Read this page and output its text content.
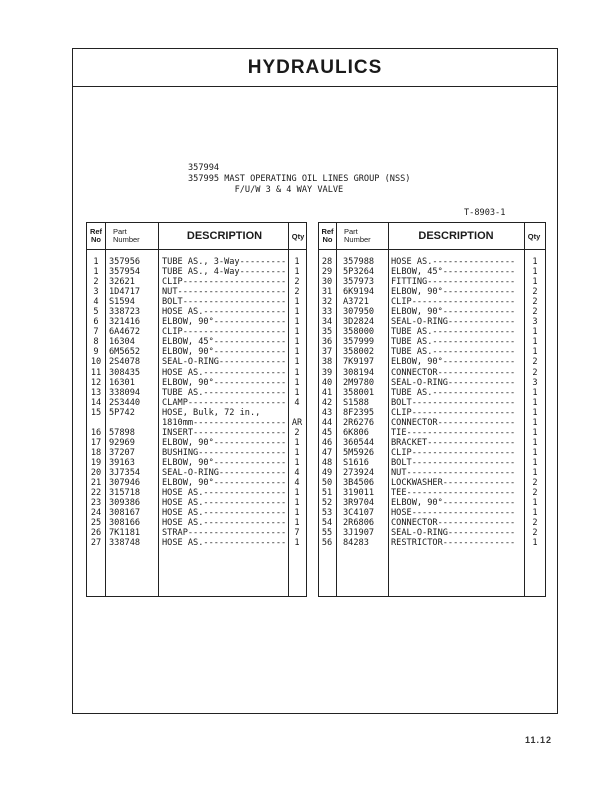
HYDRAULICS
357994
357995 MAST OPERATING OIL LINES GROUP (NSS)
F/U/W 3 & 4 WAY VALVE
T-8903-1
Ref
No
Part
Number	DESCRIPTION	Qty
1	357956	TUBE AS., 3-Way--------- 1
1	357954	TUBE AS., 4-Way--------- 1
2	32621	CLIP-------------------- 2
3	1D4717	NUT--------------------- 2
4	S1594	BOLT-------------------- 1
5	338723	HOSE AS.---------------- 1
6	321416	ELBOW, 90°-------------- 1
7	6A4672	CLIP-------------------- 1
8	16304	ELBOW, 45°-------------- 1
9	6M5652	ELBOW, 90°-------------- 1
10 2S4078	SEAL-O-RING------------- 1
11 308435	HOSE AS.---------------- 1
12 16301	ELBOW, 90°-------------- 1
13 338094	TUBE AS.---------------- 1
14 2S3440	CLAMP------------------- 4
15 5P742	HOSE, Bulk, 72 in.,
1810mm------------------ AR
16 57898	INSERT------------------ 2
17 92969	ELBOW, 90°-------------- 1
18 37207	BUSHING----------------- 1
19 39163	ELBOW, 90°-------------- 1
20 3J7354	SEAL-O-RING------------- 4
21 307946	ELBOW, 90°-------------- 4
22 315718	HOSE AS.---------------- 1
23 309386	HOSE AS.---------------- 1
24 308167	HOSE AS.---------------- 1
25 308166	HOSE AS.---------------- 1
26 7K1181	STRAP------------------- 7
27 338748	HOSE AS.---------------- 1
Ref
No
Part
Number	DESCRIPTION	Qty
28 357988 HOSE AS.----------------	1
29 5P3264 ELBOW, 45°--------------	1
30 357973 FITTING-----------------	1
31 6K9194 ELBOW, 90°--------------	2
32 A3721	CLIP--------------------	2
33 307950 ELBOW, 90°--------------	2
34 3D2824 SEAL-O-RING-------------	3
35 358000 TUBE AS.----------------	1
36 357999 TUBE AS.----------------	1
37 358002 TUBE AS.----------------	1
38 7K9197 ELBOW, 90°--------------	2
39 308194 CONNECTOR---------------	2
40 2M9780 SEAL-O-RING-------------	3
41 358001 TUBE AS.----------------	1
42 S1588	BOLT--------------------	1
43 8F2395 CLIP--------------------	1
44 2R6276 CONNECTOR---------------	1
45 6K806	TIE---------------------	1
46 360544 BRACKET-----------------	1
47 5M5926 CLIP--------------------	1
48 S1616	BOLT--------------------	1
49 273924 NUT---------------------	1
50 3B4506 LOCKWASHER--------------	2
51 319011 TEE---------------------	2
52 3R9704 ELBOW, 90°--------------	1
53 3C4107 HOSE--------------------	1
54 2R6806 CONNECTOR---------------	2
55 3J1907 SEAL-O-RING-------------	2
56 84283	RESTRICTOR--------------	1
11.12
